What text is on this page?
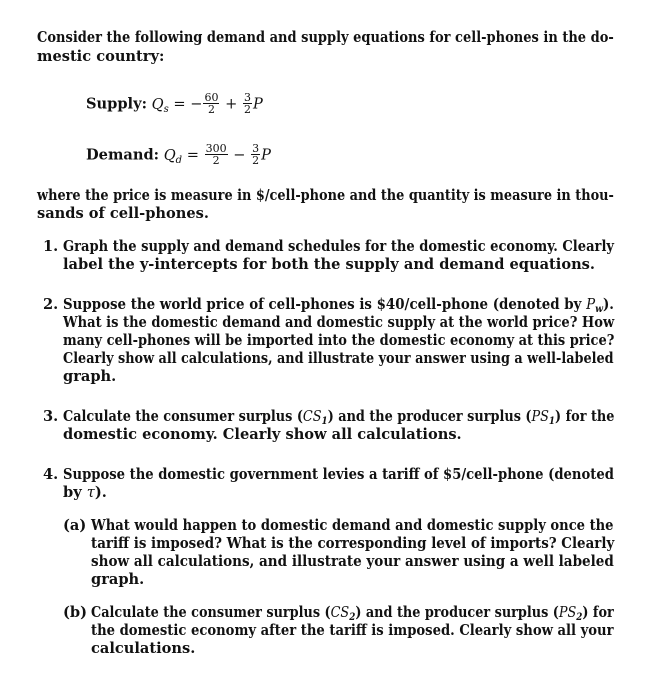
Consider the following demand and supply equations for cell-phones in the do-
mestic country:
Supply: $Q_s$ = − $\frac{60}{2} + \frac{3}{2}$ P
Demand: $Q_d = \frac{300}{2} - \frac{3}{2}$ P
where the price is measure in $/cell-phone and the quantity is measure in thou-
sands of cell-phones.
1. Graph the supply and demand schedules for the domestic economy. Clearly
label the y-intercepts for both the supply and demand equations.
2. Suppose the world price of cell-phones is $40/cell-phone (denoted by $P_w$).
What is the domestic demand and domestic supply at the world price? How
many cell-phones will be imported into the domestic economy at this price?
Clearly show all calculations, and illustrate your answer using a well-labeled
graph.
3. Calculate the consumer surplus $(CS_1)$ and the producer surplus $(PS_1)$ for the
domestic economy. Clearly show all calculations.
4. Suppose the domestic government levies a tariff of $5/cell-phone (denoted
by τ).
(a) What would happen to domestic demand and domestic supply once the
tariff is imposed? What is the corresponding level of imports? Clearly
show all calculations, and illustrate your answer using a well labeled
graph.
(b) Calculate the consumer surplus $(CS_2)$ and the producer surplus $(PS_2)$ for
the domestic economy after the tariff is imposed. Clearly show all your
calculations.
